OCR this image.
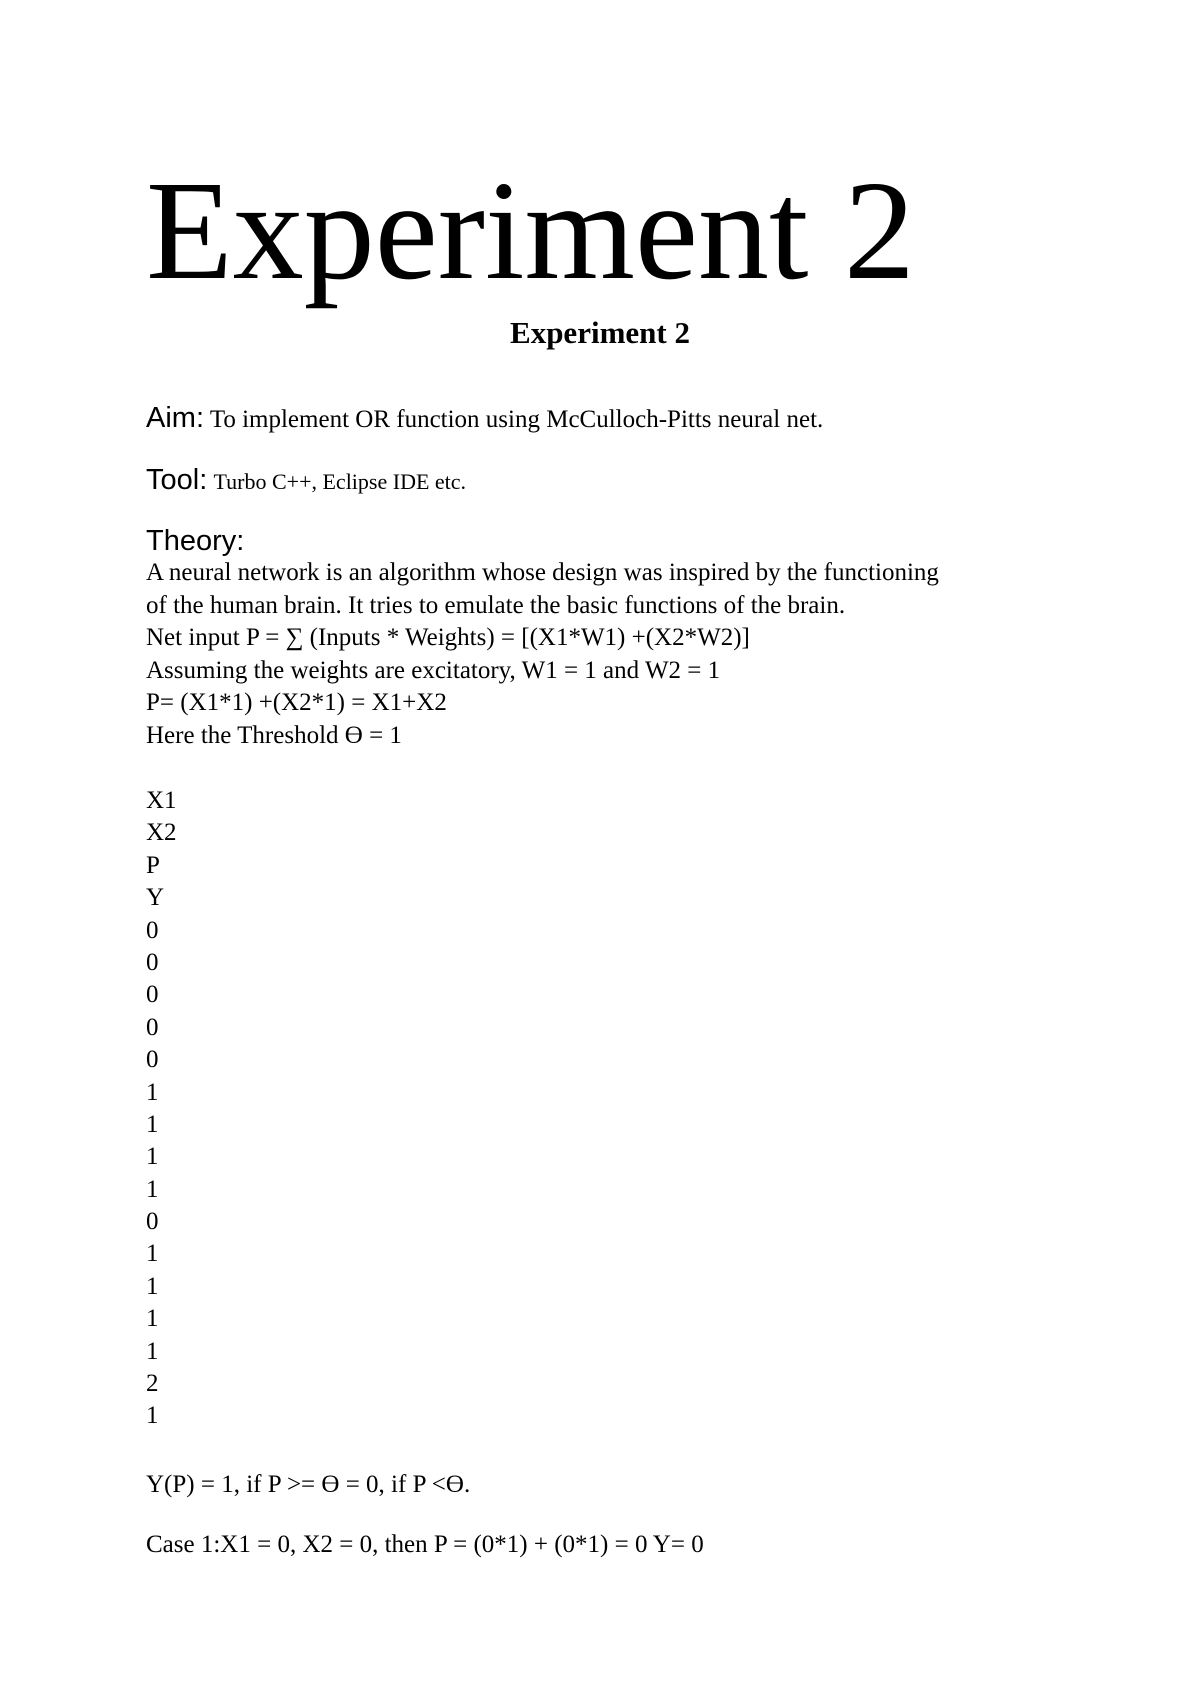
Experiment 2
Experiment 2
Aim: To implement OR function using McCulloch-Pitts neural net.
Tool: Turbo C++, Eclipse IDE etc.
Theory:
A neural network is an algorithm whose design was inspired by the functioning
of the human brain. It tries to emulate the basic functions of the brain.
Net input P = ∑ (Inputs * Weights) = [(X1*W1) +(X2*W2)]
Assuming the weights are excitatory, W1 = 1 and W2 = 1
P= (X1*1) +(X2*1) = X1+X2
Here the Threshold ϴ = 1
X1
X2
P
Y
0
0
0
0
0
1
1
1
1
0
1
1
1
1
2
1
Y(P) = 1, if P >= ϴ = 0, if P <ϴ.
Case 1:X1 = 0, X2 = 0, then P = (0*1) + (0*1) = 0 Y= 0
